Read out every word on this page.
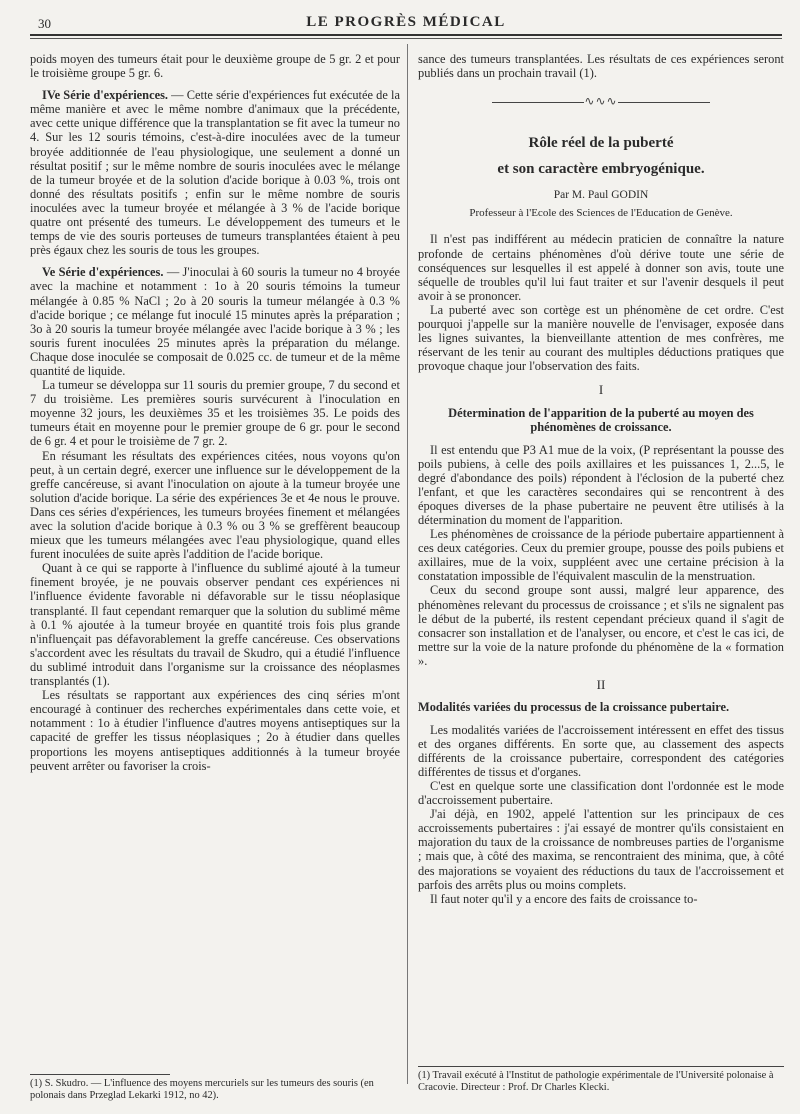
30	LE PROGRÈS MÉDICAL

poids moyen des tumeurs était pour le deuxième groupe de 5 gr. 2 et pour le troisième groupe 5 gr. 6.

IVe Série d'expériences. — Cette série d'expériences fut exécutée de la même manière et avec le même nombre d'animaux que la précédente, avec cette unique différence que la transplantation se fit avec la tumeur no 4. Sur les 12 souris témoins, c'est-à-dire inoculées avec de la tumeur broyée additionnée de l'eau physiologique, une seulement a donné un résultat positif ; sur le même nombre de souris inoculées avec le mélange de la tumeur broyée et de la solution d'acide borique à 0.03 %, trois ont donné des résultats positifs ; enfin sur le même nombre de souris inoculées avec la tumeur broyée et mélangée à 3 % de l'acide borique quatre ont présenté des tumeurs. Le développement des tumeurs et le temps de vie des souris porteuses de tumeurs transplantées étaient à peu près égaux chez les souris de tous les groupes.

Ve Série d'expériences. — J'inoculai à 60 souris la tumeur no 4 broyée avec la machine et notamment : 1o à 20 souris témoins la tumeur mélangée à 0.85 % NaCl ; 2o à 20 souris la tumeur mélangée à 0.3 % d'acide borique ; ce mélange fut inoculé 15 minutes après la préparation ; 3o à 20 souris la tumeur broyée mélangée avec l'acide borique à 3 % ; les souris furent inoculées 25 minutes après la préparation du mélange. Chaque dose inoculée se composait de 0.025 cc. de tumeur et de la même quantité de liquide.

La tumeur se développa sur 11 souris du premier groupe, 7 du second et 7 du troisième. Les premières souris survécurent à l'inoculation en moyenne 32 jours, les deuxièmes 35 et les troisièmes 35. Le poids des tumeurs était en moyenne pour le premier groupe de 6 gr. pour le second de 6 gr. 4 et pour le troisième de 7 gr. 2.

En résumant les résultats des expériences citées, nous voyons qu'on peut, à un certain degré, exercer une influence sur le développement de la greffe cancéreuse, si avant l'inoculation on ajoute à la tumeur broyée une solution d'acide borique. La série des expériences 3e et 4e nous le prouve. Dans ces séries d'expériences, les tumeurs broyées finement et mélangées avec la solution d'acide borique à 0.3 % ou 3 % se greffèrent beaucoup mieux que les tumeurs mélangées avec l'eau physiologique, quand elles furent inoculées de suite après l'addition de l'acide borique.

Quant à ce qui se rapporte à l'influence du sublimé ajouté à la tumeur finement broyée, je ne pouvais observer pendant ces expériences ni l'influence évidente favorable ni défavorable sur le tissu néoplasique transplanté. Il faut cependant remarquer que la solution du sublimé même à 0.1 % ajoutée à la tumeur broyée en quantité trois fois plus grande n'influençait pas défavorablement la greffe cancéreuse. Ces observations s'accordent avec les résultats du travail de Skudro, qui a étudié l'influence du sublimé introduit dans l'organisme sur la croissance des néoplasmes transplantés (1).

Les résultats se rapportant aux expériences des cinq séries m'ont encouragé à continuer des recherches expérimentales dans cette voie, et notamment : 1o à étudier l'influence d'autres moyens antiseptiques sur la capacité de greffer les tissus néoplasiques ; 2o à étudier dans quelles proportions les moyens antiseptiques additionnés à la tumeur broyée peuvent arrêter ou favoriser la crois-

(1) S. Skudro. — L'influence des moyens mercuriels sur les tumeurs des souris (en polonais dans Przeglad Lekarki 1912, no 42).

sance des tumeurs transplantées. Les résultats de ces expériences seront publiés dans un prochain travail (1).

∿∿∿
Rôle réel de la puberté
et son caractère embryogénique.
Par M. Paul GODIN
Professeur à l'Ecole des Sciences de l'Education de Genève.

Il n'est pas indifférent au médecin praticien de connaître la nature profonde de certains phénomènes d'où dérive toute une série de conséquences sur lesquelles il est appelé à donner son avis, toute une séquelle de troubles qu'il lui faut traiter et sur l'avenir desquels il peut avoir à se prononcer.

La puberté avec son cortège est un phénomène de cet ordre. C'est pourquoi j'appelle sur la manière nouvelle de l'envisager, exposée dans les lignes suivantes, la bienveillante attention de mes confrères, me réservant de les tenir au courant des multiples déductions pratiques que provoque chaque jour l'observation des faits.

I
Détermination de l'apparition de la puberté au moyen des phénomènes de croissance.

Il est entendu que P3 A1 mue de la voix, (P représentant la pousse des poils pubiens, à celle des poils axillaires et les puissances 1, 2...5, le degré d'abondance des poils) répondent à l'éclosion de la puberté chez l'enfant, et que les caractères secondaires qui se rencontrent à des époques diverses de la phase pubertaire ne peuvent être utilisés à la détermination du moment de l'apparition.

Les phénomènes de croissance de la période pubertaire appartiennent à ces deux catégories. Ceux du premier groupe, pousse des poils pubiens et axillaires, mue de la voix, suppléent avec une certaine précision à la constatation impossible de l'équivalent masculin de la menstruation.

Ceux du second groupe sont aussi, malgré leur apparence, des phénomènes relevant du processus de croissance ; et s'ils ne signalent pas le début de la puberté, ils restent cependant précieux quand il s'agit de consacrer son installation et de l'analyser, ou encore, et c'est le cas ici, de mettre sur la voie de la nature profonde du phénomène de la « formation ».

II
Modalités variées du processus de la croissance pubertaire.

Les modalités variées de l'accroissement intéressent en effet des tissus et des organes différents. En sorte que, au classement des aspects différents de la croissance pubertaire, correspondent des catégories différentes de tissus et d'organes.

C'est en quelque sorte une classification dont l'ordonnée est le mode d'accroissement pubertaire.

J'ai déjà, en 1902, appelé l'attention sur les principaux de ces accroissements pubertaires : j'ai essayé de montrer qu'ils consistaient en majoration du taux de la croissance de nombreuses parties de l'organisme ; mais que, à côté des maxima, se rencontraient des minima, que, à côté des majorations se voyaient des réductions du taux de l'accroissement et parfois des arrêts plus ou moins complets.

Il faut noter qu'il y a encore des faits de croissance to-

(1) Travail exécuté à l'Institut de pathologie expérimentale de l'Université polonaise à Cracovie. Directeur : Prof. Dr Charles Klecki.
